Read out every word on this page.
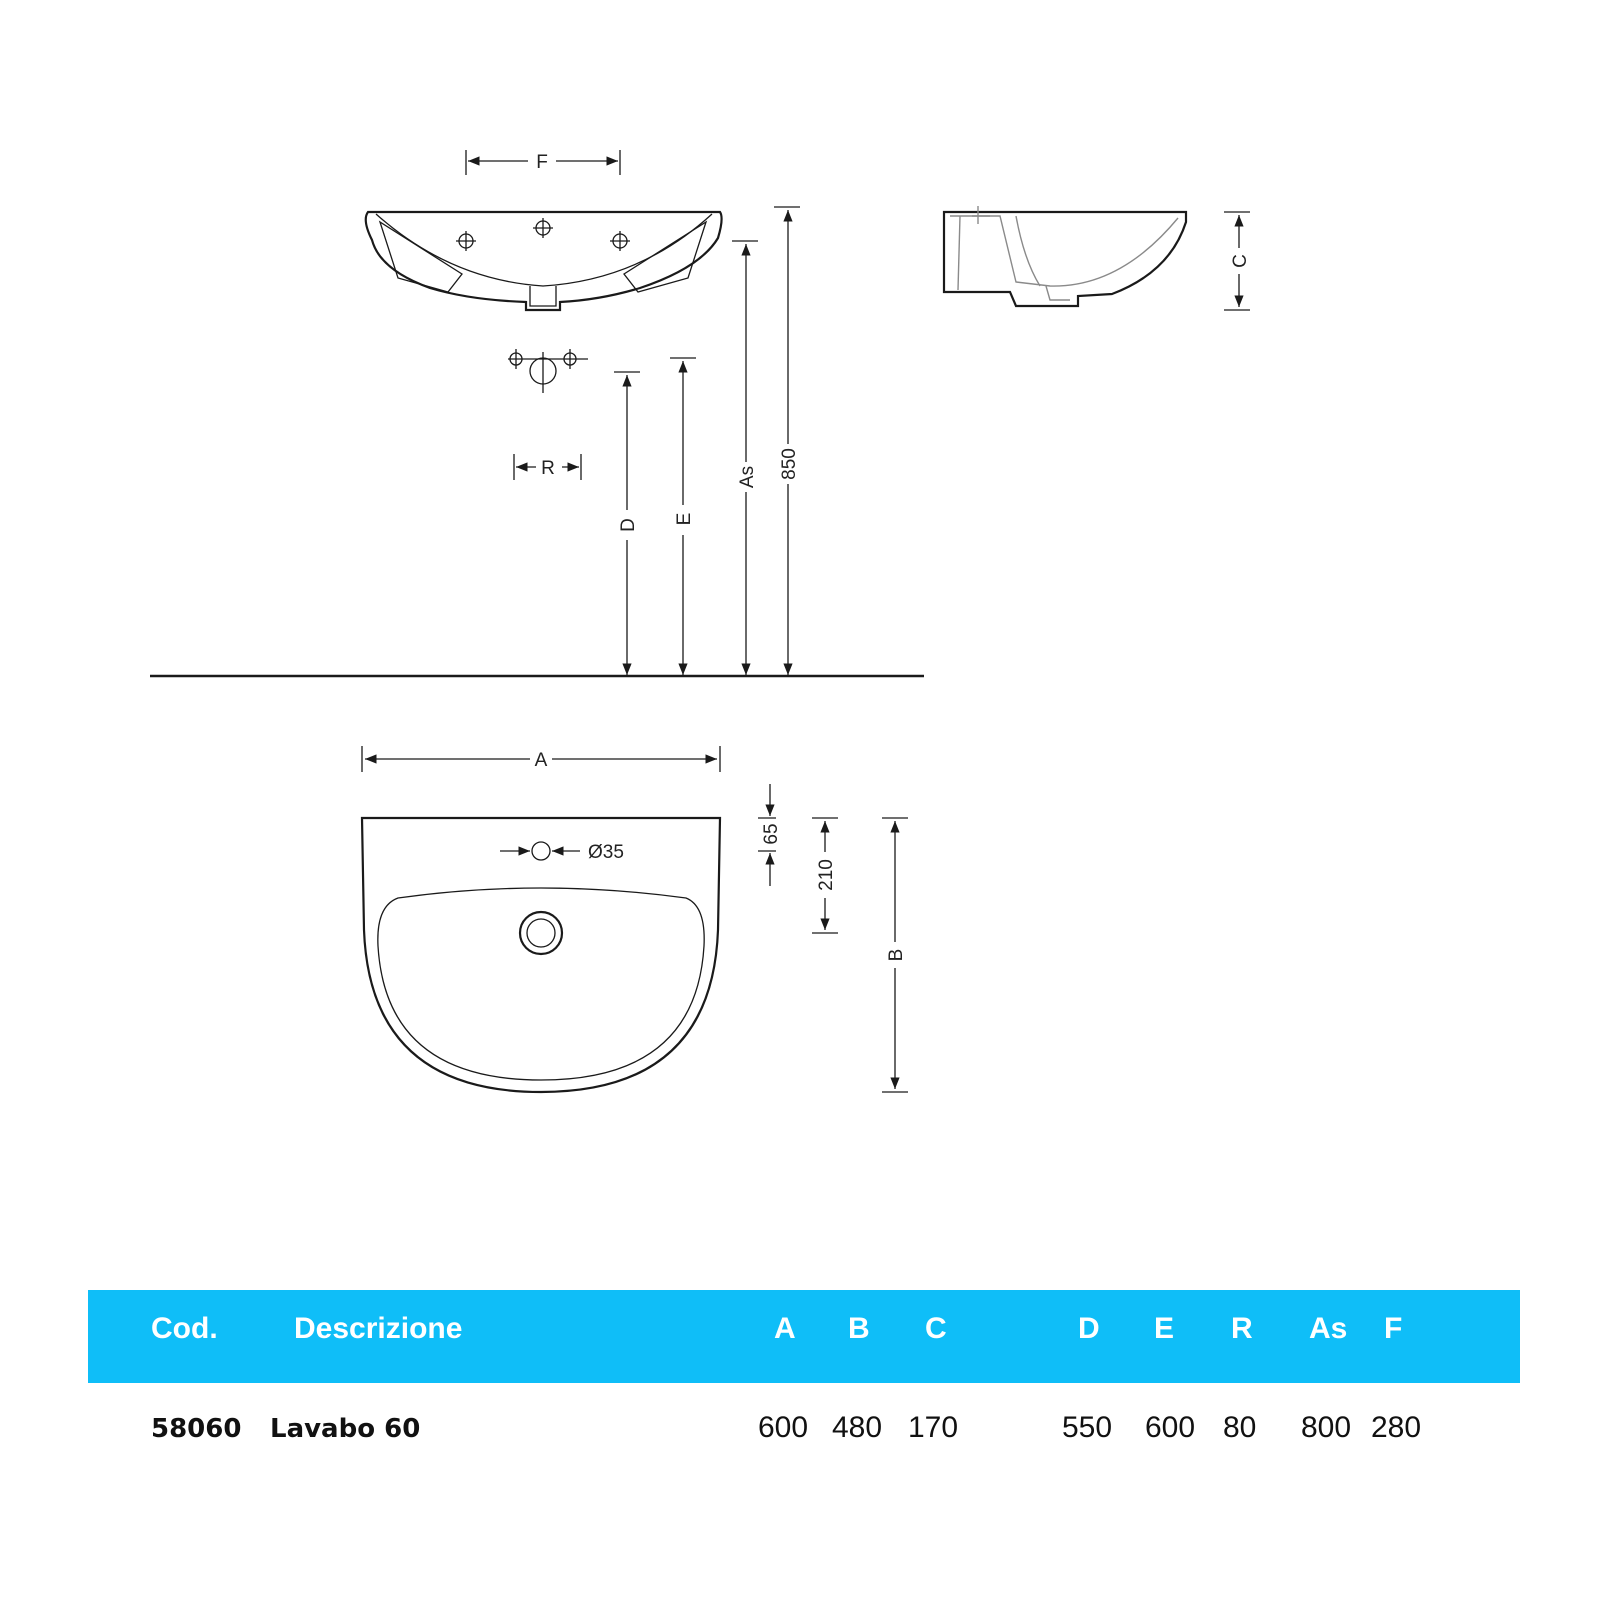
F
R
D E
As 850
C
A
Ø35
65
210
B
Cod.	Descrizione	A B C	D E R As F
58060 Lavabo 60	600 480 170	550 600 80 800 280
